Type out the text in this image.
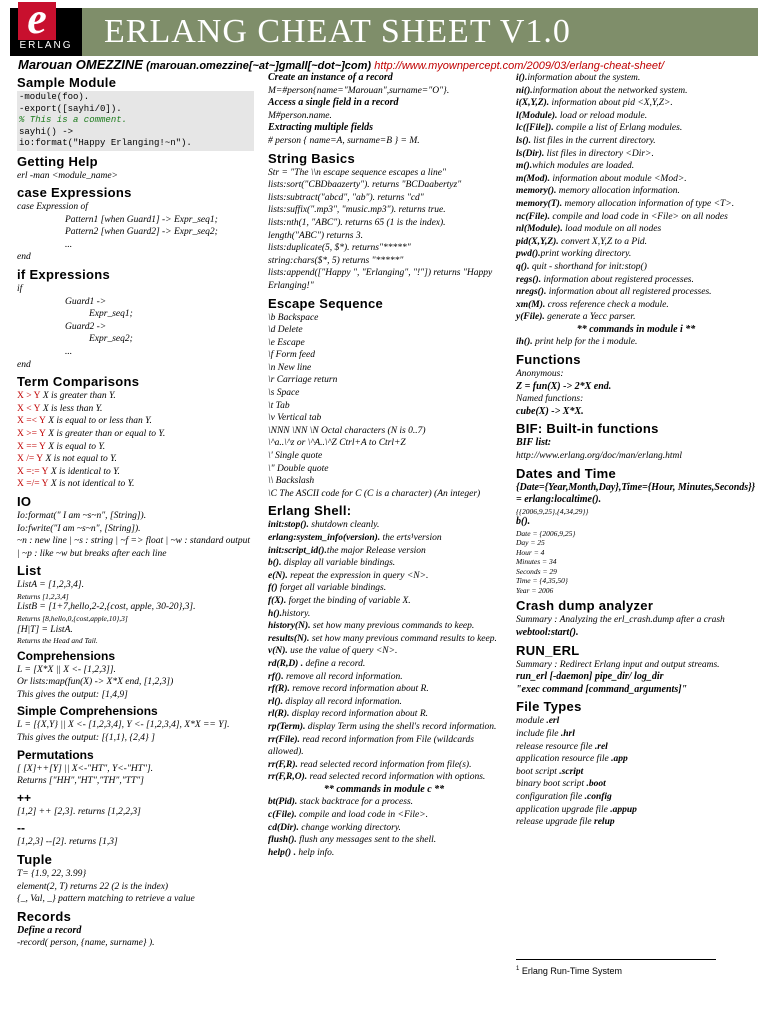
e
ERLANG ERLANG CHEAT SHEET V1.0
Marouan OMEZZINE (marouan.omezzine[~at~]gmall[~dot~]com) http://www.myownpercept.com/2009/03/erlang-cheat-sheet/
Sample Module
-module(foo).
-export([sayhi/0]).
% This is a comment.
sayhi() ->
io:format("Happy Erlanging!~n").
Getting Help
erl -man <module_name>
case Expressions
case Expression of
Pattern1 [when Guard1] -> Expr_seq1;
Pattern2 [when Guard2] -> Expr_seq2;
...
end
if Expressions
if
Guard1 ->
Expr_seq1;
Guard2 ->
Expr_seq2;
...
end
Term Comparisons
X > Y X is greater than Y.
X < Y X is less than Y.
X =< Y X is equal to or less than Y.
X >= Y X is greater than or equal to Y.
X == Y X is equal to Y.
X /= Y X is not equal to Y.
X =:= Y X is identical to Y.
X =/= Y X is not identical to Y.
IO
Io:format(" I am ~s~n", [String]).
Io:fwrite("I am ~s~n", [String]).
~n : new line | ~s : string | ~f => float | ~w : standard output | ~p : like ~w but breaks after each line
List
ListA = [1,2,3,4].
Returns [1,2,3,4]
ListB = [1+7,hello,2-2,{cost, apple, 30-20},3].
Returns [8,hello,0,{cost,apple,10},3]
[H|T] = ListA.
Returns the Head and Tail.
Comprehensions
L = [X*X || X <- [1,2,3]].
Or lists:map(fun(X) -> X*X end, [1,2,3])
This gives the output: [1,4,9]
Simple Comprehensions
L = [{X,Y} || X <- [1,2,3,4], Y <- [1,2,3,4], X*X == Y].
This gives the output: [{1,1}, {2,4} ]
Permutations
[ [X]++[Y] || X<-"HT", Y<-"HT"].
Returns ["HH","HT","TH","TT"]
++
[1,2] ++ [2,3]. returns [1,2,2,3]
--
[1,2,3] --[2]. returns [1,3]
Tuple
T= {1.9, 22, 3.99}
element(2, T) returns 22 (2 is the index)
{_, Val, _} pattern matching to retrieve a value
Records
Define a record
-record( person, {name, surname} ).
Create an instance of a record
M=#person{name="Marouan",surname="O"}.
Access a single field in a record
M#person.name.
Extracting multiple fields
# person { name=A, surname=B } = M.
String Basics
Str = "The \\n escape sequence escapes a line"
lists:sort("CBDbaazerty"). returns "BCDaabertyz"
lists:subtract("abcd", "ab"). returns "cd"
lists:suffix(".mp3", "music.mp3"). returns true.
lists:nth(1, "ABC"). returns 65 (1 is the index).
length("ABC") returns 3.
lists:duplicate(5, $*). returns"*****"
string:chars($*, 5) returns "*****"
lists:append(["Happy ", "Erlanging", "!"]) returns "Happy Erlanging!"
Escape Sequence
\b Backspace
\d Delete
\e Escape
\f Form feed
\n New line
\r Carriage return
\s Space
\t Tab
\v Vertical tab
\NNN \NN \N Octal characters (N is 0..7)
\^a..\^z or \^A..\^Z Ctrl+A to Ctrl+Z
\' Single quote
\" Double quote
\\ Backslash
\C The ASCII code for C (C is a character) (An integer)
Erlang Shell:
init:stop(). shutdown cleanly.
erlang:system_info(version). the erts¹version
init:script_id().the major Release version
b(). display all variable bindings.
e(N). repeat the expression in query <N>.
f() forget all variable bindings.
f(X). forget the binding of variable X.
h().history.
history(N). set how many previous commands to keep.
results(N). set how many previous command results to keep.
v(N). use the value of query <N>.
rd(R,D) . define a record.
rf(). remove all record information.
rf(R). remove record information about R.
rl(). display all record information.
rl(R). display record information about R.
rp(Term). display Term using the shell's record information.
rr(File). read record information from File (wildcards allowed).
rr(F,R). read selected record information from file(s).
rr(F,R,O). read selected record information with options.
** commands in module c **
bt(Pid). stack backtrace for a process.
c(File). compile and load code in <File>.
cd(Dir). change working directory.
flush(). flush any messages sent to the shell.
help() . help info.
i().information about the system.
ni().information about the networked system.
i(X,Y,Z). information about pid <X,Y,Z>.
l(Module). load or reload module.
lc([File]). compile a list of Erlang modules.
ls(). list files in the current directory.
ls(Dir). list files in directory <Dir>.
m().which modules are loaded.
m(Mod). information about module <Mod>.
memory(). memory allocation information.
memory(T). memory allocation information of type <T>.
nc(File). compile and load code in <File> on all nodes
nl(Module). load module on all nodes
pid(X,Y,Z). convert X,Y,Z to a Pid.
pwd().print working directory.
q(). quit - shorthand for init:stop()
regs(). information about registered processes.
nregs(). information about all registered processes.
xm(M). cross reference check a module.
y(File). generate a Yecc parser.
** commands in module i **
ih(). print help for the i module.
Functions
Anonymous:
Z = fun(X) -> 2*X end.
Named functions:
cube(X) -> X*X.
BIF: Built-in functions
BIF list:
http://www.erlang.org/doc/man/erlang.html
Dates and Time
{Date={Year,Month,Day},Time={Hour, Minutes,Seconds}} = erlang:localtime().
{{2006,9,25},{4,34,29}}
b().
Date = {2006,9,25}
Day = 25
Hour = 4
Minutes = 34
Seconds = 29
Time = {4,35,50}
Year = 2006
Crash dump analyzer
Summary : Analyzing the erl_crash.dump after a crash
webtool:start().
RUN_ERL
Summary : Redirect Erlang input and output streams.
run_erl [-daemon] pipe_dir/ log_dir
"exec command [command_arguments]"
File Types
module .erl
include file .hrl
release resource file .rel
application resource file .app
boot script .script
binary boot script .boot
configuration file .config
application upgrade file .appup
release upgrade file relup
$^1$ Erlang Run-Time System
